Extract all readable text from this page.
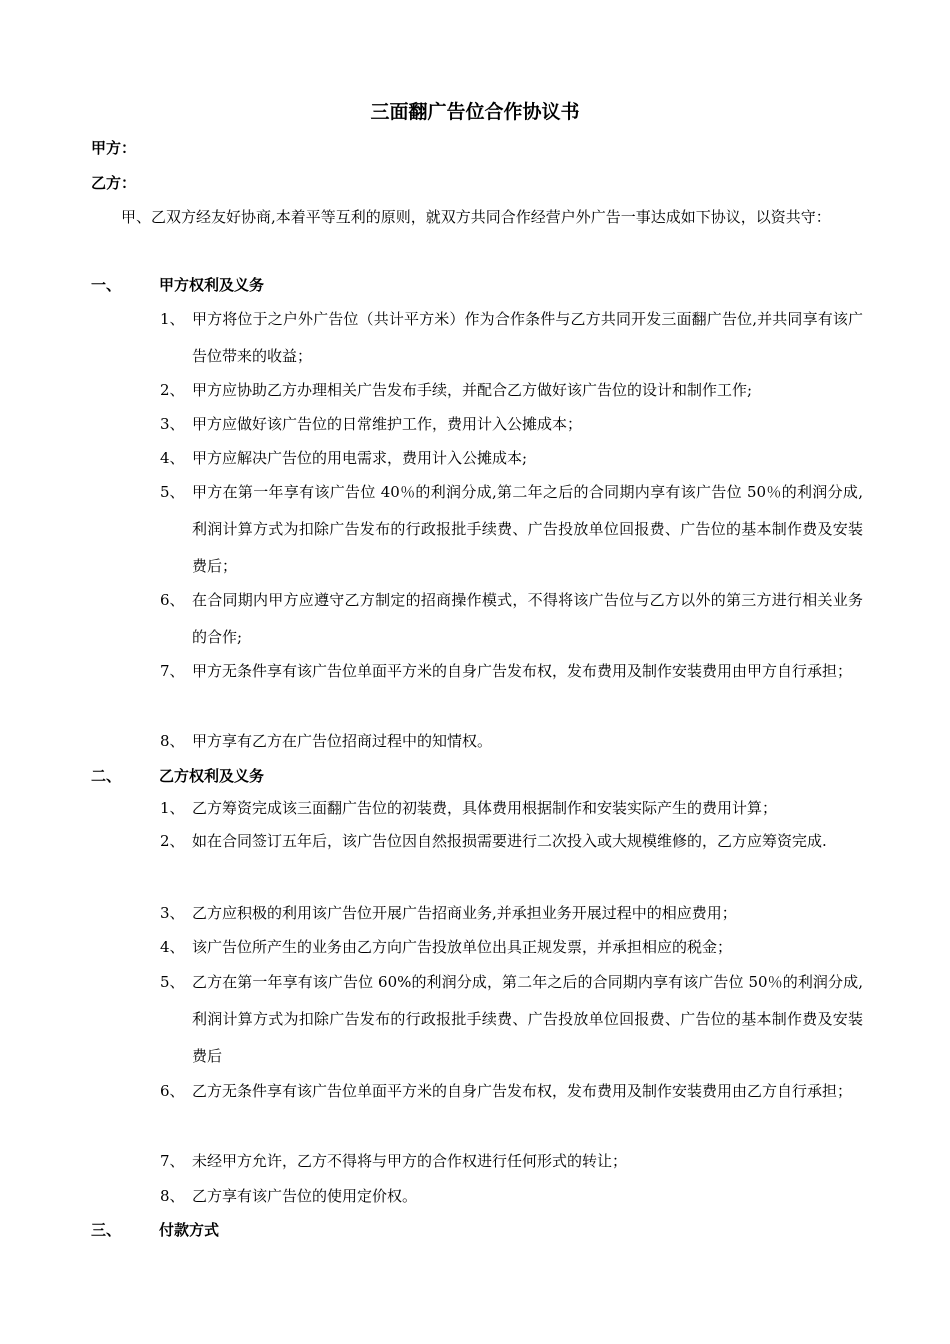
三面翻广告位合作协议书
甲方：
乙方：

甲、乙双方经友好协商,本着平等互利的原则，就双方共同合作经营户外广告一事达成如下协议，以资共守：

一、	甲方权利及义务
1、 甲方将位于之户外广告位（共计平方米）作为合作条件与乙方共同开发三面翻广告位,并共同享有该广告位带来的收益；
2、 甲方应协助乙方办理相关广告发布手续，并配合乙方做好该广告位的设计和制作工作;
3、 甲方应做好该广告位的日常维护工作，费用计入公摊成本；
4、 甲方应解决广告位的用电需求，费用计入公摊成本;
5、 甲方在第一年享有该广告位 40％的利润分成,第二年之后的合同期内享有该广告位 50％的利润分成,利润计算方式为扣除广告发布的行政报批手续费、广告投放单位回报费、广告位的基本制作费及安装费后；
6、 在合同期内甲方应遵守乙方制定的招商操作模式，不得将该广告位与乙方以外的第三方进行相关业务的合作;
7、 甲方无条件享有该广告位单面平方米的自身广告发布权，发布费用及制作安装费用由甲方自行承担；
8、 甲方享有乙方在广告位招商过程中的知情权。
二、	乙方权利及义务
1、 乙方筹资完成该三面翻广告位的初装费，具体费用根据制作和安装实际产生的费用计算；
2、 如在合同签订五年后，该广告位因自然报损需要进行二次投入或大规模维修的，乙方应筹资完成.
3、 乙方应积极的利用该广告位开展广告招商业务,并承担业务开展过程中的相应费用；
4、 该广告位所产生的业务由乙方向广告投放单位出具正规发票，并承担相应的税金；
5、 乙方在第一年享有该广告位 60%的利润分成，第二年之后的合同期内享有该广告位 50％的利润分成,利润计算方式为扣除广告发布的行政报批手续费、广告投放单位回报费、广告位的基本制作费及安装费后
6、 乙方无条件享有该广告位单面平方米的自身广告发布权，发布费用及制作安装费用由乙方自行承担；
7、 未经甲方允许，乙方不得将与甲方的合作权进行任何形式的转让；
8、 乙方享有该广告位的使用定价权。
三、	付款方式
